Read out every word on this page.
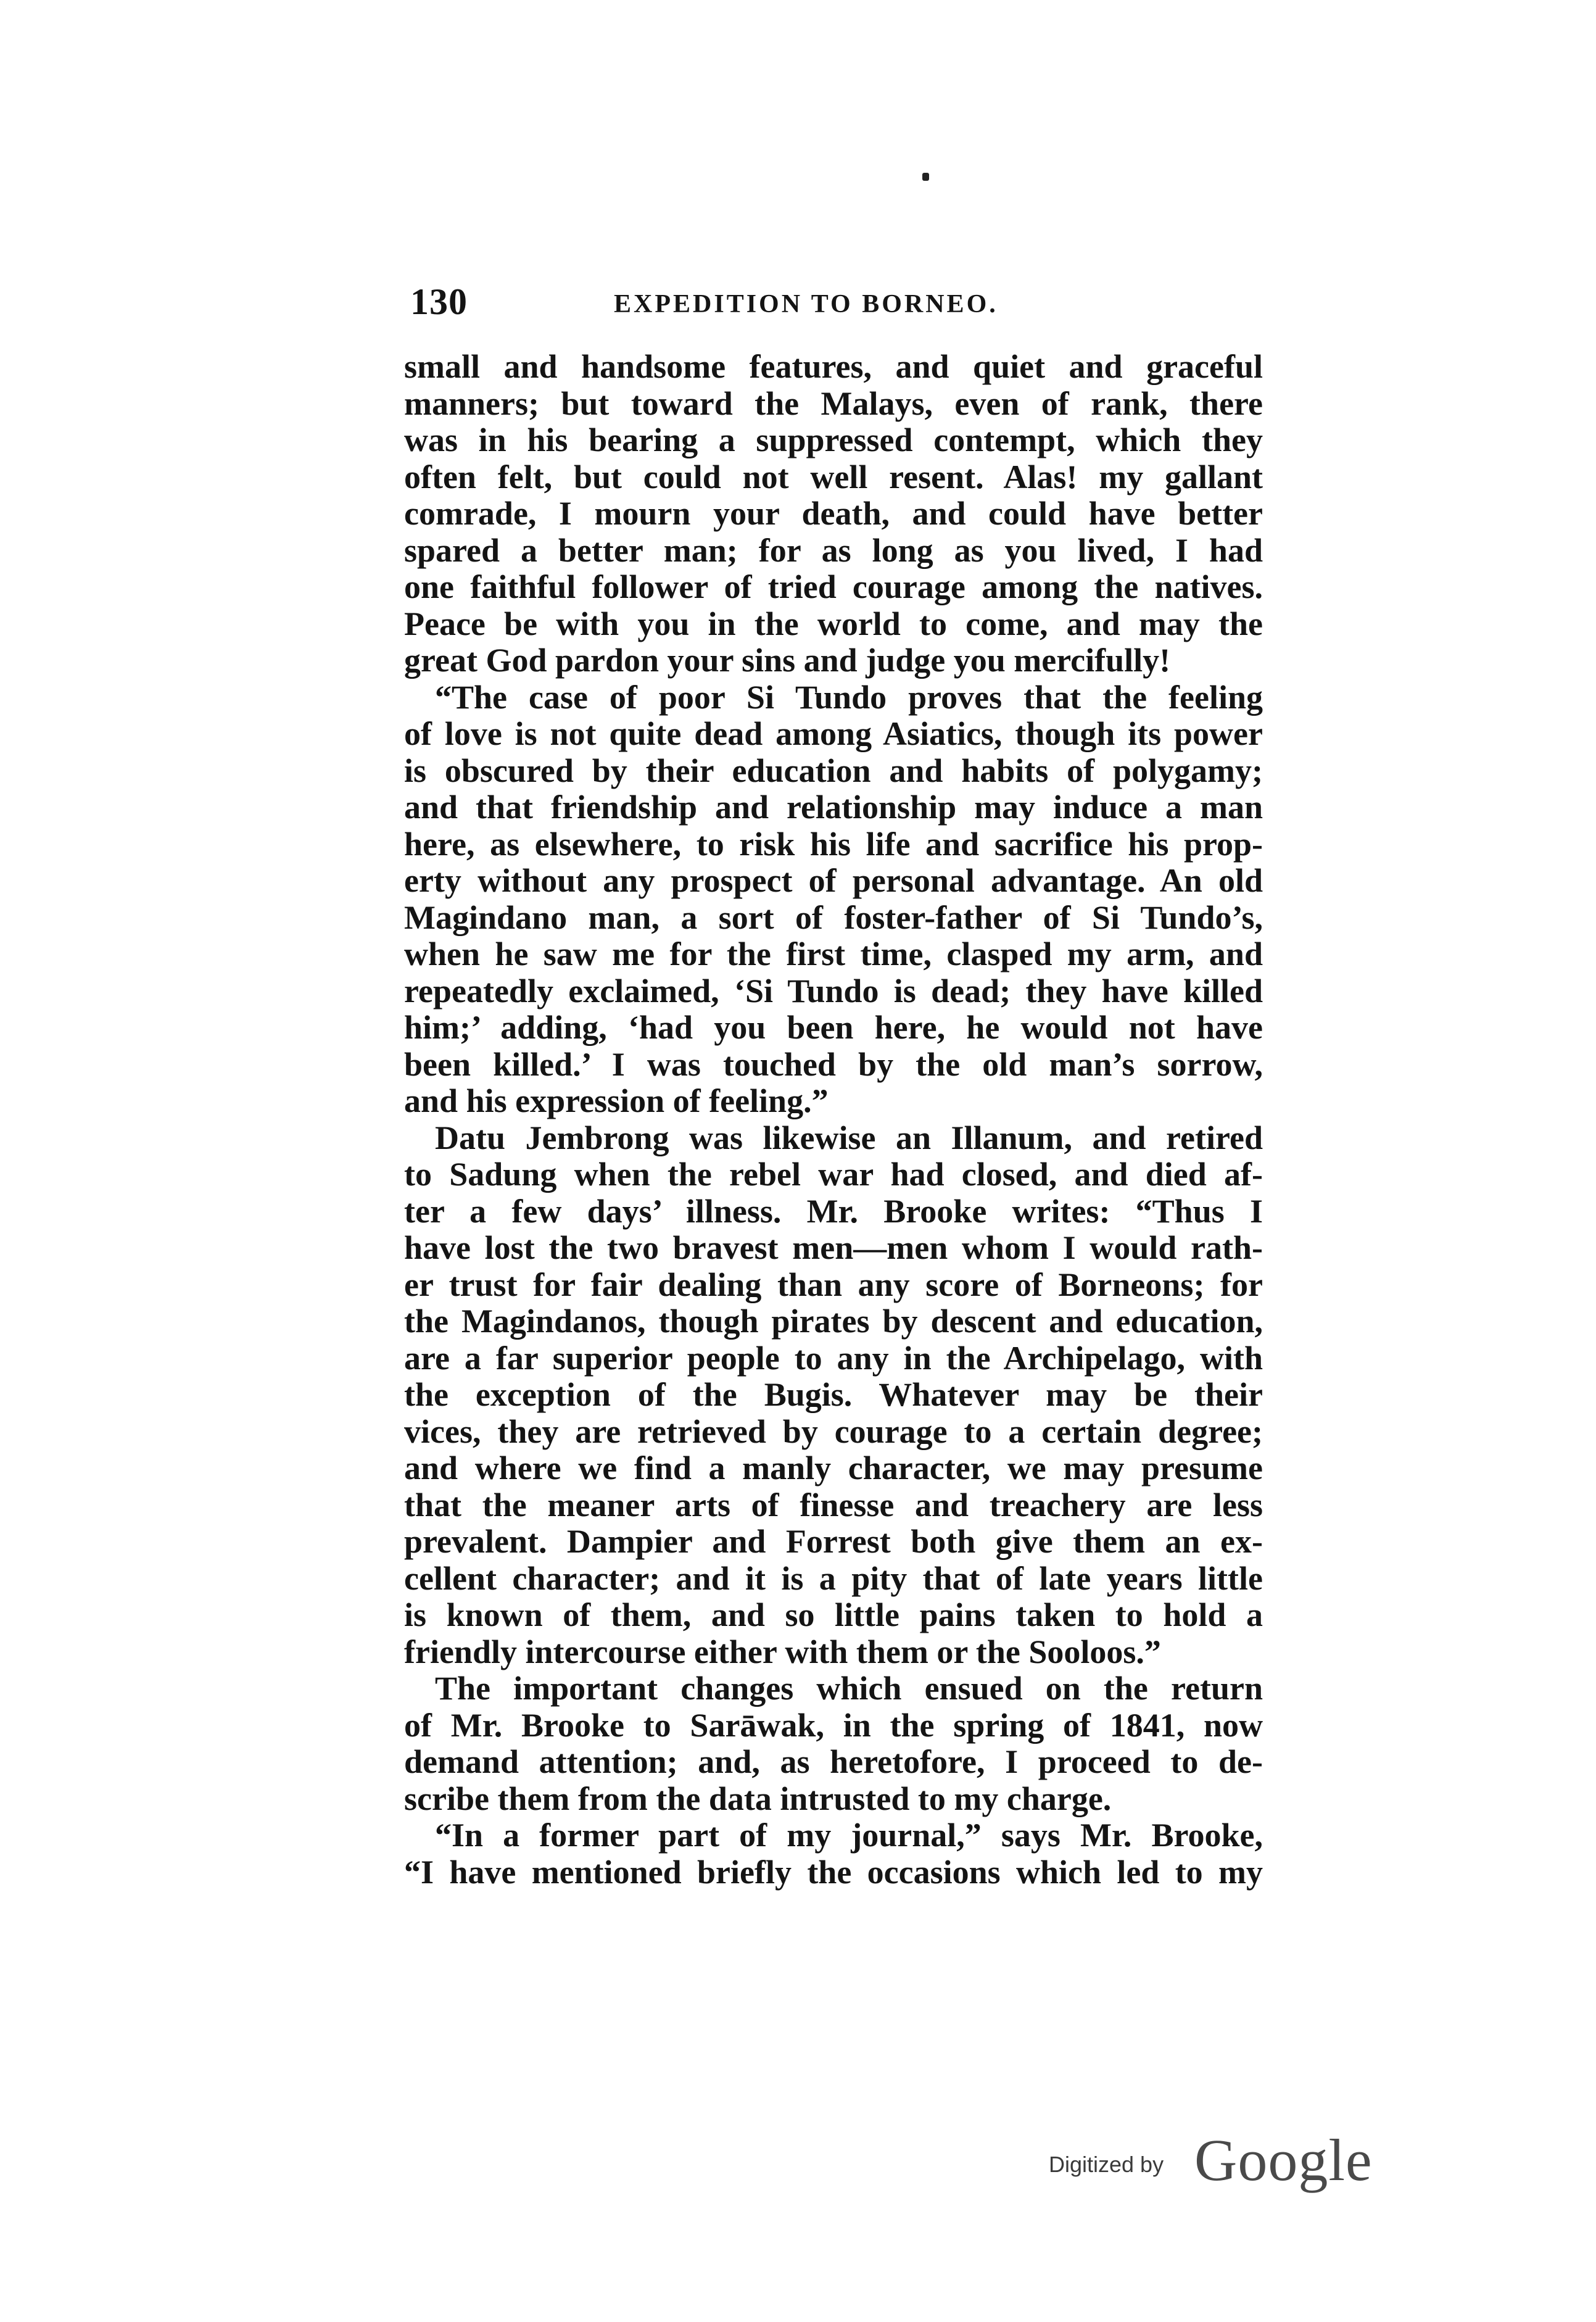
130	EXPEDITION TO BORNEO.
small and handsome features, and quiet and graceful
manners; but toward the Malays, even of rank, there
was in his bearing a suppressed contempt, which they
often felt, but could not well resent. Alas! my gallant
comrade, I mourn your death, and could have better
spared a better man; for as long as you lived, I had
one faithful follower of tried courage among the natives.
Peace be with you in the world to come, and may the
great God pardon your sins and judge you mercifully!
“The case of poor Si Tundo proves that the feeling
of love is not quite dead among Asiatics, though its power
is obscured by their education and habits of polygamy;
and that friendship and relationship may induce a man
here, as elsewhere, to risk his life and sacrifice his prop-
erty without any prospect of personal advantage. An old
Magindano man, a sort of foster-father of Si Tundo’s,
when he saw me for the first time, clasped my arm, and
repeatedly exclaimed, ‘Si Tundo is dead; they have killed
him;’ adding, ‘had you been here, he would not have
been killed.’ I was touched by the old man’s sorrow,
and his expression of feeling.”
Datu Jembrong was likewise an Illanum, and retired
to Sadung when the rebel war had closed, and died af-
ter a few days’ illness. Mr. Brooke writes: “Thus I
have lost the two bravest men—men whom I would rath-
er trust for fair dealing than any score of Borneons; for
the Magindanos, though pirates by descent and education,
are a far superior people to any in the Archipelago, with
the exception of the Bugis. Whatever may be their
vices, they are retrieved by courage to a certain degree;
and where we find a manly character, we may presume
that the meaner arts of finesse and treachery are less
prevalent. Dampier and Forrest both give them an ex-
cellent character; and it is a pity that of late years little
is known of them, and so little pains taken to hold a
friendly intercourse either with them or the Sooloos.”
The important changes which ensued on the return
of Mr. Brooke to Sarāwak, in the spring of 1841, now
demand attention; and, as heretofore, I proceed to de-
scribe them from the data intrusted to my charge.
“In a former part of my journal,” says Mr. Brooke,
“I have mentioned briefly the occasions which led to my
Digitized by Google
